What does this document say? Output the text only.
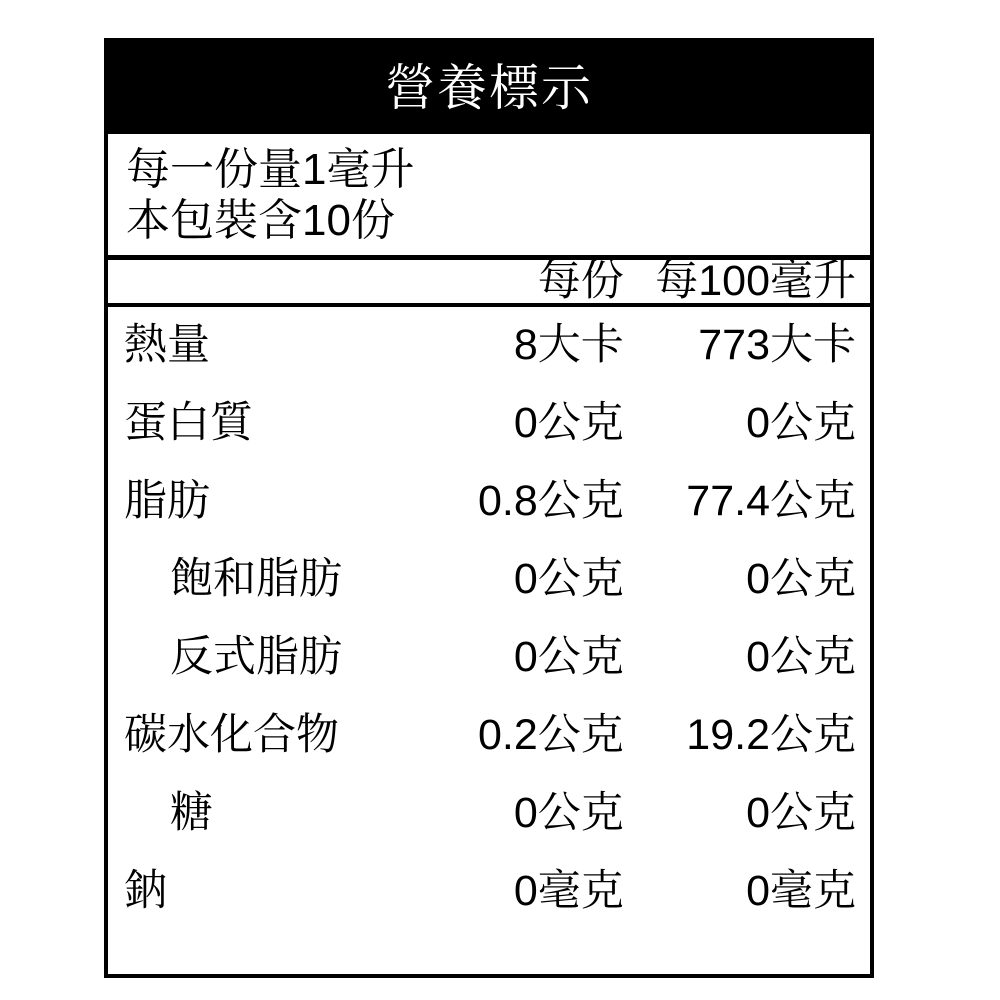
營養標示
每一份量1毫升
本包裝含10份
	每份	每100毫升
熱量	8大卡	773大卡
蛋白質	0公克	0公克
脂肪	0.8公克	77.4公克
飽和脂肪	0公克	0公克
反式脂肪	0公克	0公克
碳水化合物	0.2公克	19.2公克
糖	0公克	0公克
鈉	0毫克	0毫克
